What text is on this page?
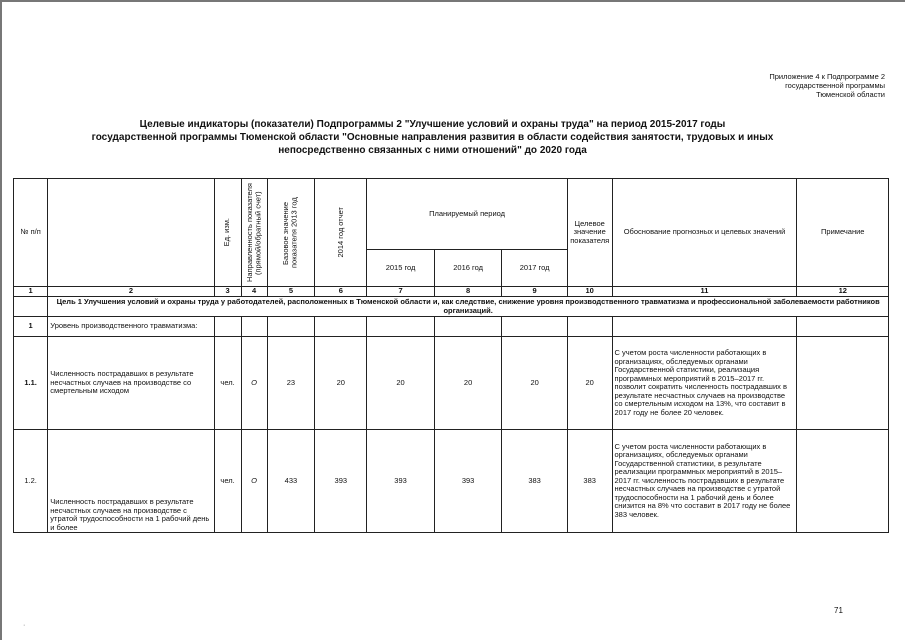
Приложение 4 к Подпрограмме 2
государственной программы
Тюменской области
Целевые индикаторы (показатели) Подпрограммы 2 "Улучшение условий и охраны труда" на период 2015-2017 годы
государственной программы Тюменской области "Основные направления развития в области содействия занятости, трудовых и иных
непосредственно связанных с ними отношений" до 2020 года
№ п/п		Ед. изм.	Направленность показателя (прямой/обратный счет)	Базовое значение
показателя 2013 год	2014 год отчет	Планируемый период			Целевое значение показателя	Обоснование прогнозных и целевых значений	Примечание
						2015 год	2016 год	2017 год			
1	2	3	4	5	6	7	8	9	10	11	12
	Цель 1 Улучшения условий и охраны труда у работодателей, расположенных в Тюменской области и, как следствие, снижение уровня производственного травматизма и профессиональной заболеваемости работников организаций.										
1	Уровень производственного травматизма:										
1.1.	Численность пострадавших в результате несчастных случаев на производстве со смертельным исходом	чел.	О	23	20	20	20	20	20	С учетом роста численности работающих в организациях, обследуемых органами Государственной статистики, реализация программных мероприятий в 2015–2017 гг. позволит сократить численность пострадавших в результате несчастных случаев на производстве со смертельным исходом на 13%, что составит в 2017 году не более 20 человек.	
1.2.	Численность пострадавших в результате несчастных случаев на производстве с утратой трудоспособности на 1 рабочий день и более	чел.	О	433	393	393	393	383	383	С учетом роста численности работающих в организациях, обследуемых органами Государственной статистики, в результате реализации программных мероприятий в 2015–2017 гг. численность пострадавших в результате несчастных случаев на производстве с утратой трудоспособности на 1 рабочий день и более снизится на 8% что составит в 2017 году не более 383 человек.	
71
·
